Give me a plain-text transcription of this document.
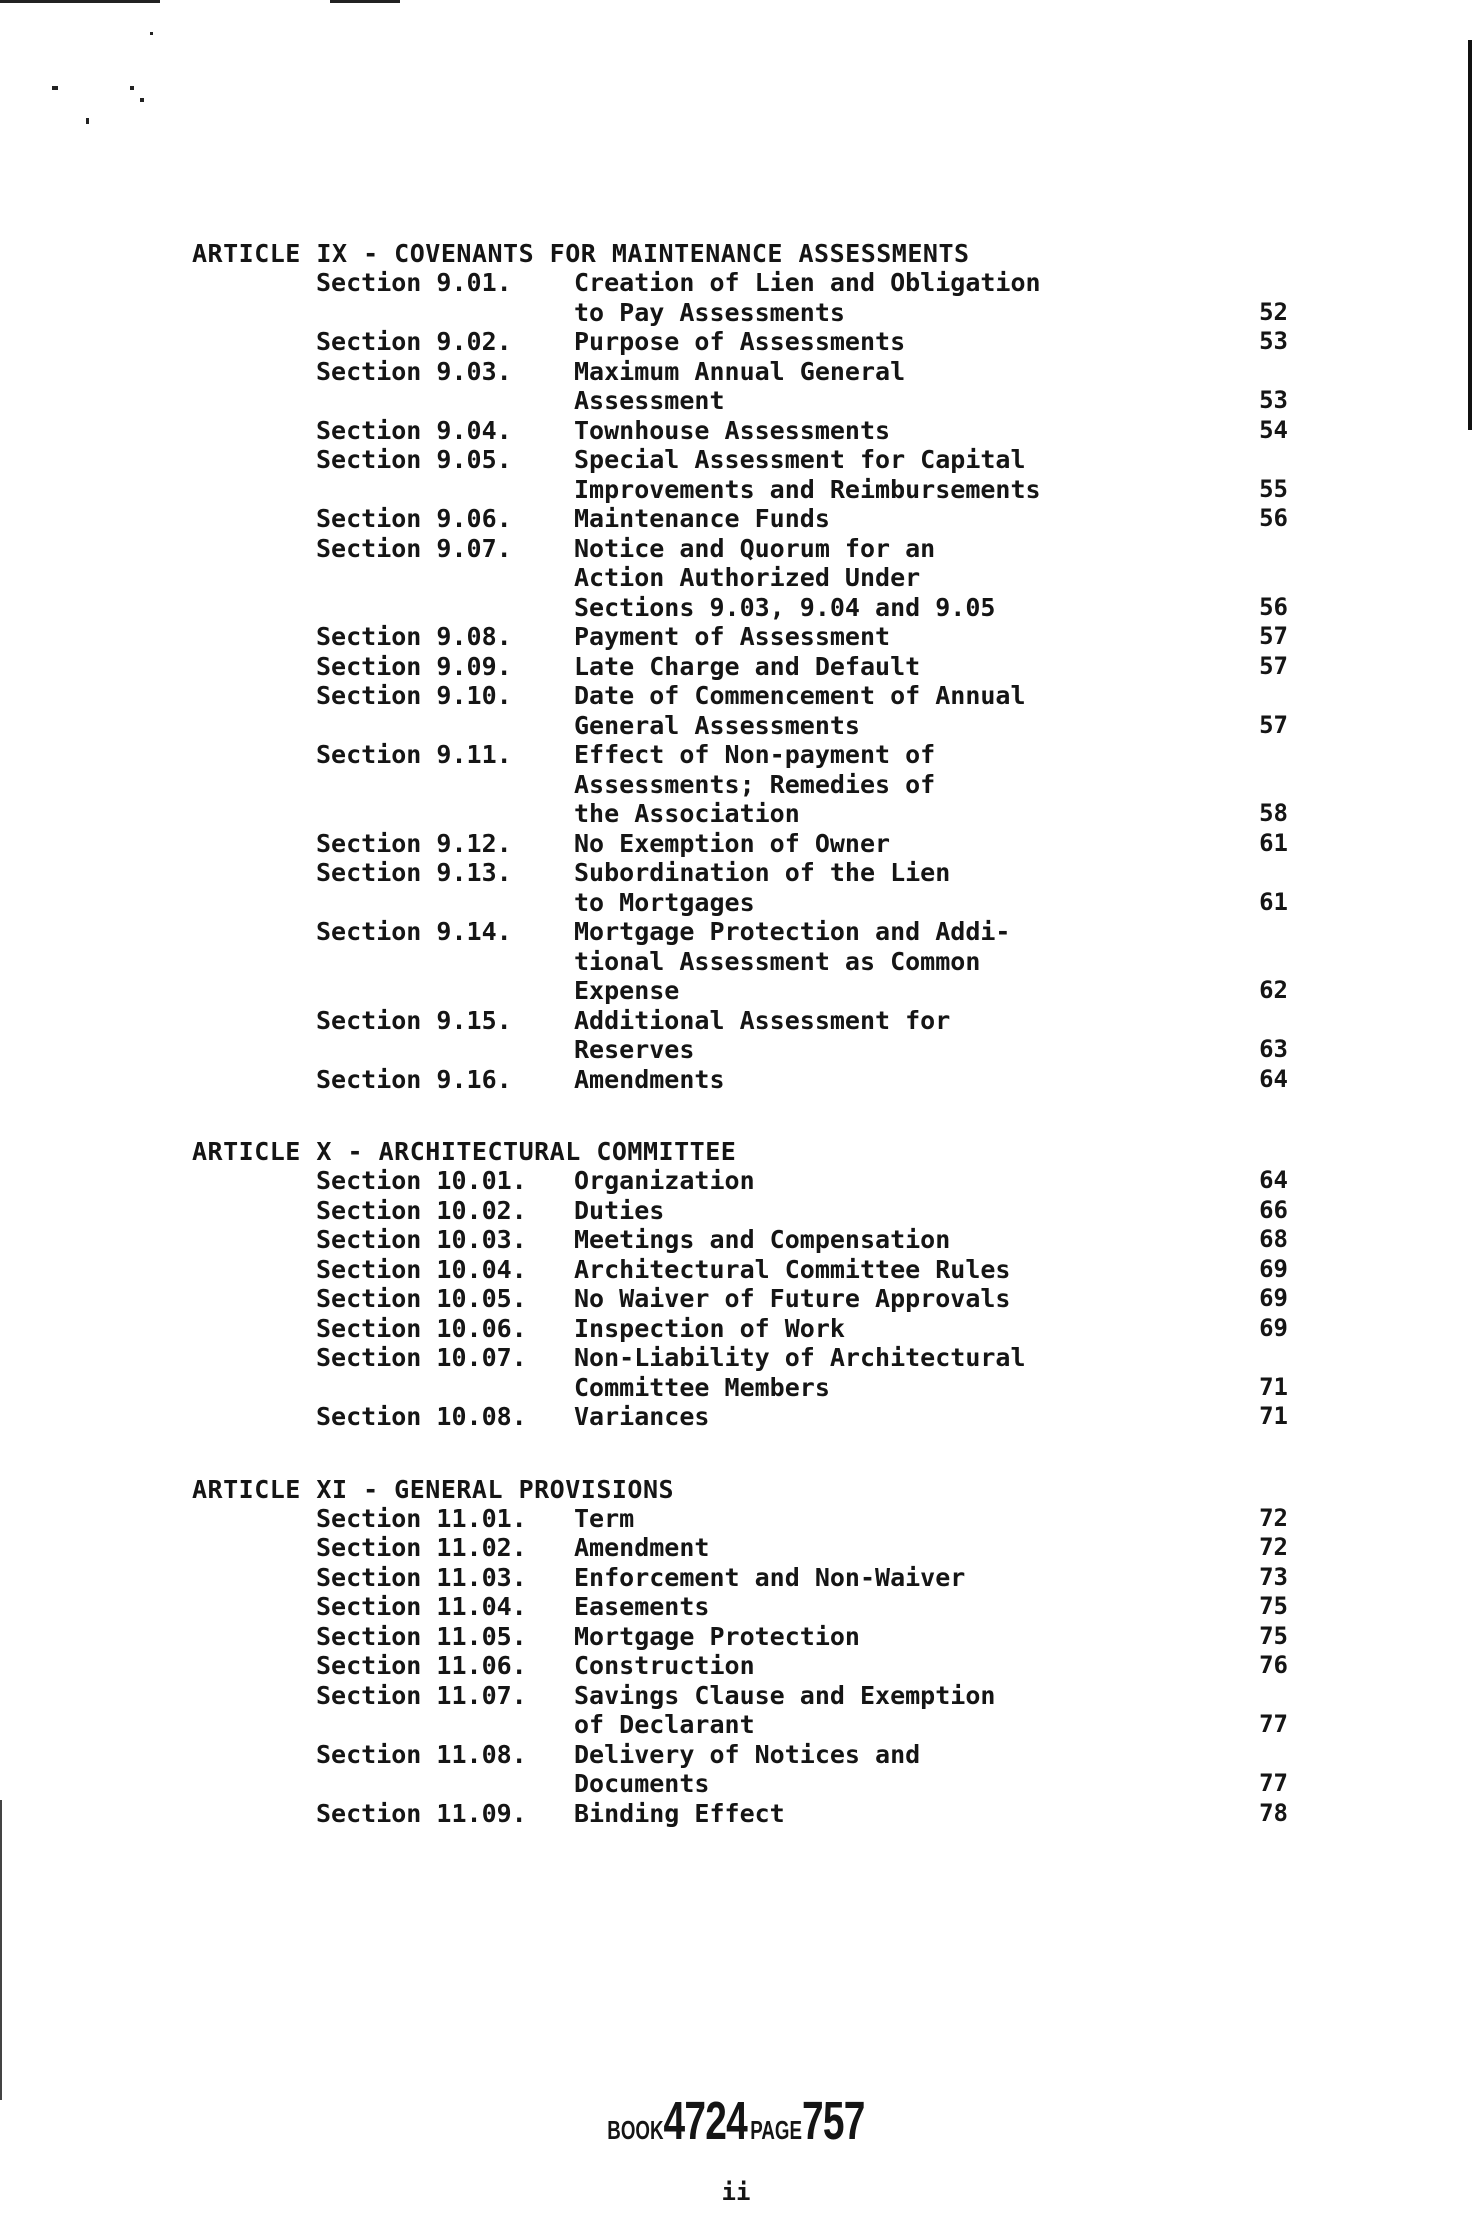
ARTICLE IX - COVENANTS FOR MAINTENANCE ASSESSMENTS
Section 9.01. Creation of Lien and Obligation
to Pay Assessments	52
Section 9.02. Purpose of Assessments	53
Section 9.03. Maximum Annual General
Assessment	53
Section 9.04. Townhouse Assessments	54
Section 9.05. Special Assessment for Capital
Improvements and Reimbursements	55
Section 9.06. Maintenance Funds	56
Section 9.07. Notice and Quorum for an
Action Authorized Under
Sections 9.03, 9.04 and 9.05	56
Section 9.08. Payment of Assessment	57
Section 9.09. Late Charge and Default	57
Section 9.10. Date of Commencement of Annual
General Assessments	57
Section 9.11. Effect of Non-payment of
Assessments; Remedies of
the Association	58
Section 9.12. No Exemption of Owner	61
Section 9.13. Subordination of the Lien
to Mortgages	61
Section 9.14. Mortgage Protection and Addi-
tional Assessment as Common
Expense	62
Section 9.15. Additional Assessment for
Reserves	63
Section 9.16. Amendments	64
ARTICLE X - ARCHITECTURAL COMMITTEE
Section 10.01. Organization	64
Section 10.02. Duties	66
Section 10.03. Meetings and Compensation	68
Section 10.04. Architectural Committee Rules	69
Section 10.05. No Waiver of Future Approvals	69
Section 10.06. Inspection of Work	69
Section 10.07. Non-Liability of Architectural
Committee Members	71
Section 10.08. Variances	71
ARTICLE XI - GENERAL PROVISIONS
Section 11.01. Term	72
Section 11.02. Amendment	72
Section 11.03. Enforcement and Non-Waiver	73
Section 11.04. Easements	75
Section 11.05. Mortgage Protection	75
Section 11.06. Construction	76
Section 11.07. Savings Clause and Exemption
of Declarant	77
Section 11.08. Delivery of Notices and
Documents	77
Section 11.09. Binding Effect	78
BOOK4724 PAGE757
ii
